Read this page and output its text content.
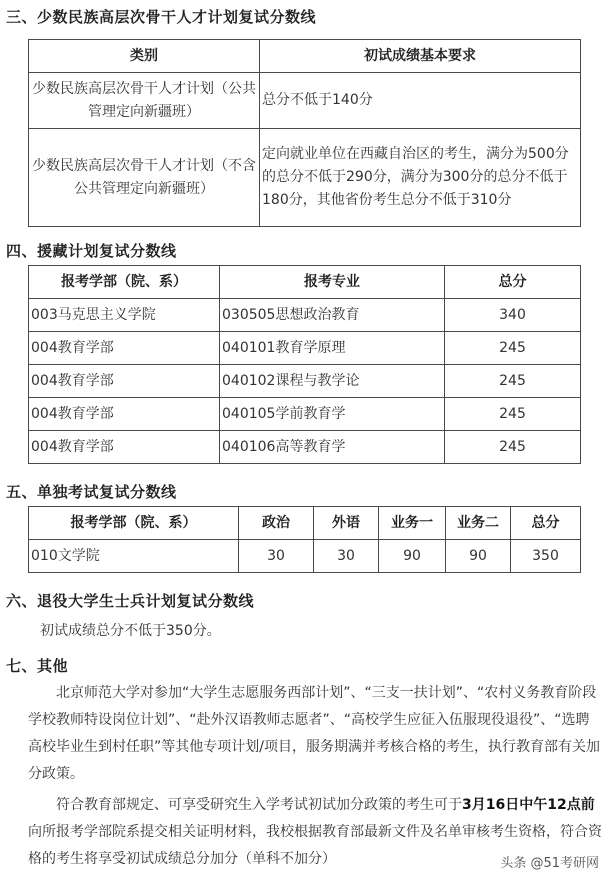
三、少数民族高层次骨干人才计划复试分数线
类别	初试成绩基本要求
少数民族高层次骨干人才计划（公共管理定向新疆班）	总分不低于140分
少数民族高层次骨干人才计划（不含公共管理定向新疆班）	定向就业单位在西藏自治区的考生，满分为500分的总分不低于290分，满分为300分的总分不低于180分，其他省份考生总分不低于310分
四、援藏计划复试分数线
报考学部（院、系）	报考专业	总分
003马克思主义学院	030505思想政治教育	340
004教育学部	040101教育学原理	245
004教育学部	040102课程与教学论	245
004教育学部	040105学前教育学	245
004教育学部	040106高等教育学	245
五、单独考试复试分数线
报考学部（院、系）	政治	外语	业务一	业务二	总分
010文学院	30	30	90	90	350
六、退役大学生士兵计划复试分数线
初试成绩总分不低于350分。
七、其他

北京师范大学对参加“大学生志愿服务西部计划”、“三支一扶计划”、“农村义务教育阶段学校教师特设岗位计划”、“赴外汉语教师志愿者”、“高校学生应征入伍服现役退役”、“选聘高校毕业生到村任职”等其他专项计划/项目，服务期满并考核合格的考生，执行教育部有关加分政策。

符合教育部规定、可享受研究生入学考试初试加分政策的考生可于3月16日中午12点前向所报考学部院系提交相关证明材料，我校根据教育部最新文件及名单审核考生资格，符合资格的考生将享受初试成绩总分加分（单科不加分）	头条 @51考研网
